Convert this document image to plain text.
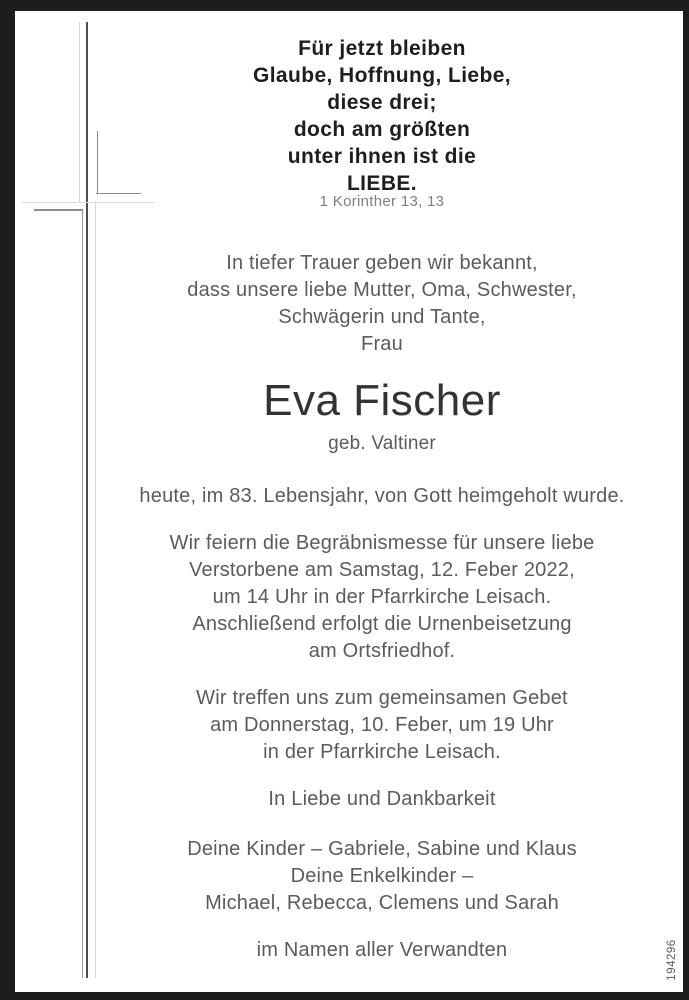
Für jetzt bleiben
Glaube, Hoffnung, Liebe,
diese drei;
doch am größten
unter ihnen ist die
LIEBE.
1 Korinther 13, 13
In tiefer Trauer geben wir bekannt,
dass unsere liebe Mutter, Oma, Schwester,
Schwägerin und Tante,
Frau
Eva Fischer
geb. Valtiner
heute, im 83. Lebensjahr, von Gott heimgeholt wurde.
Wir feiern die Begräbnismesse für unsere liebe
Verstorbene am Samstag, 12. Feber 2022,
um 14 Uhr in der Pfarrkirche Leisach.
Anschließend erfolgt die Urnenbeisetzung
am Ortsfriedhof.
Wir treffen uns zum gemeinsamen Gebet
am Donnerstag, 10. Feber, um 19 Uhr
in der Pfarrkirche Leisach.
In Liebe und Dankbarkeit
Deine Kinder – Gabriele, Sabine und Klaus
Deine Enkelkinder –
Michael, Rebecca, Clemens und Sarah
im Namen aller Verwandten	194296
